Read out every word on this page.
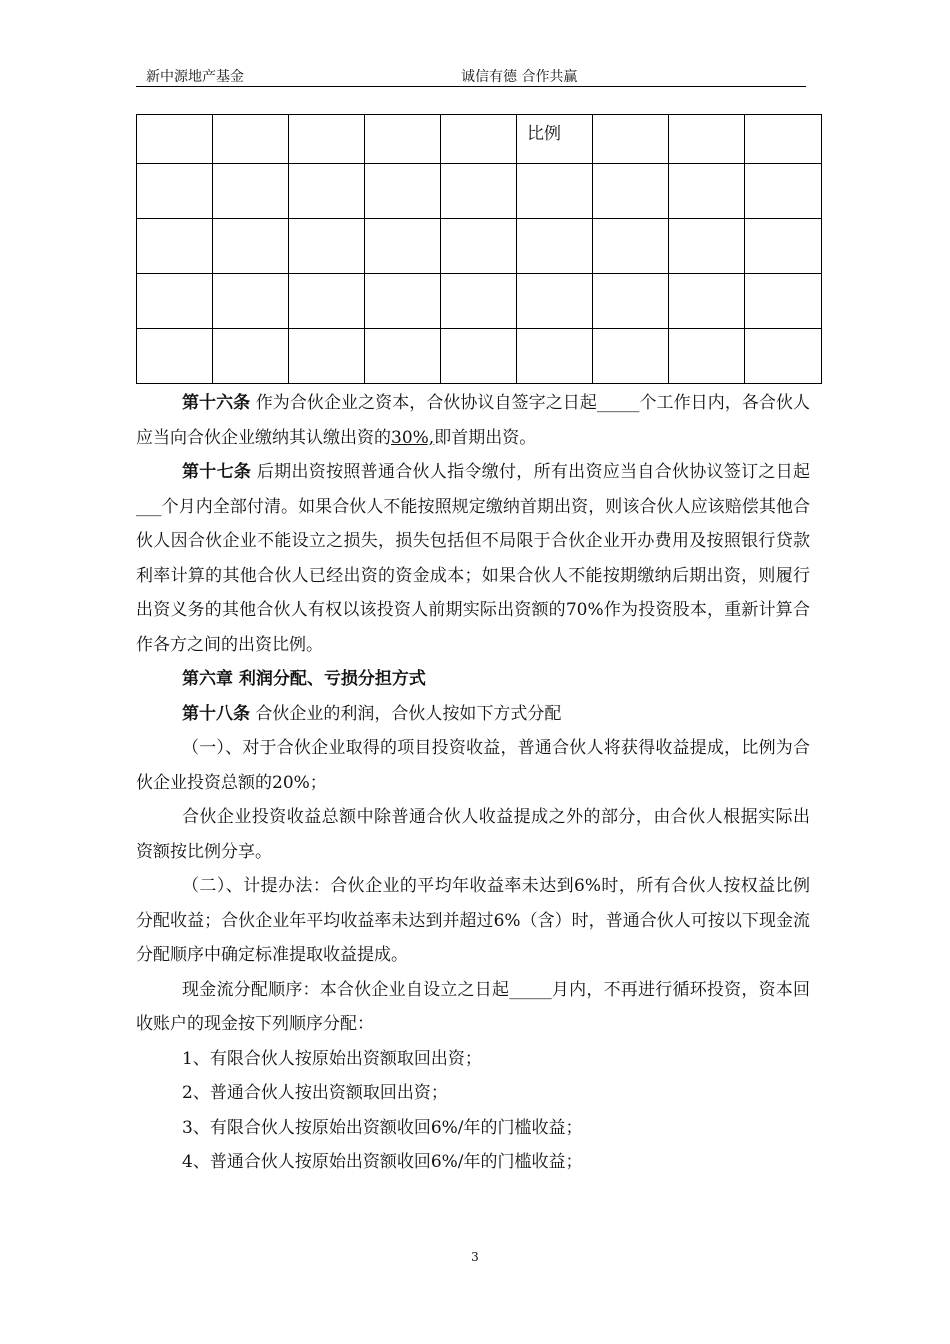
新中源地产基金	诚信有德 合作共赢

					比例			

第十六条 作为合伙企业之资本，合伙协议自签字之日起_____个工作日内，各合伙人应当向合伙企业缴纳其认缴出资的30%,即首期出资。

第十七条 后期出资按照普通合伙人指令缴付，所有出资应当自合伙协议签订之日起___个月内全部付清。如果合伙人不能按照规定缴纳首期出资，则该合伙人应该赔偿其他合伙人因合伙企业不能设立之损失，损失包括但不局限于合伙企业开办费用及按照银行贷款利率计算的其他合伙人已经出资的资金成本；如果合伙人不能按期缴纳后期出资，则履行出资义务的其他合伙人有权以该投资人前期实际出资额的70%作为投资股本，重新计算合作各方之间的出资比例。

第六章 利润分配、亏损分担方式

第十八条 合伙企业的利润，合伙人按如下方式分配

（一）、对于合伙企业取得的项目投资收益，普通合伙人将获得收益提成，比例为合伙企业投资总额的20%；

合伙企业投资收益总额中除普通合伙人收益提成之外的部分，由合伙人根据实际出资额按比例分享。

（二）、计提办法：合伙企业的平均年收益率未达到6%时，所有合伙人按权益比例分配收益；合伙企业年平均收益率未达到并超过6%（含）时，普通合伙人可按以下现金流分配顺序中确定标准提取收益提成。

现金流分配顺序：本合伙企业自设立之日起_____月内，不再进行循环投资，资本回收账户的现金按下列顺序分配：

1、有限合伙人按原始出资额取回出资；

2、普通合伙人按出资额取回出资；

3、有限合伙人按原始出资额收回6%/年的门槛收益；

4、普通合伙人按原始出资额收回6%/年的门槛收益；

3
